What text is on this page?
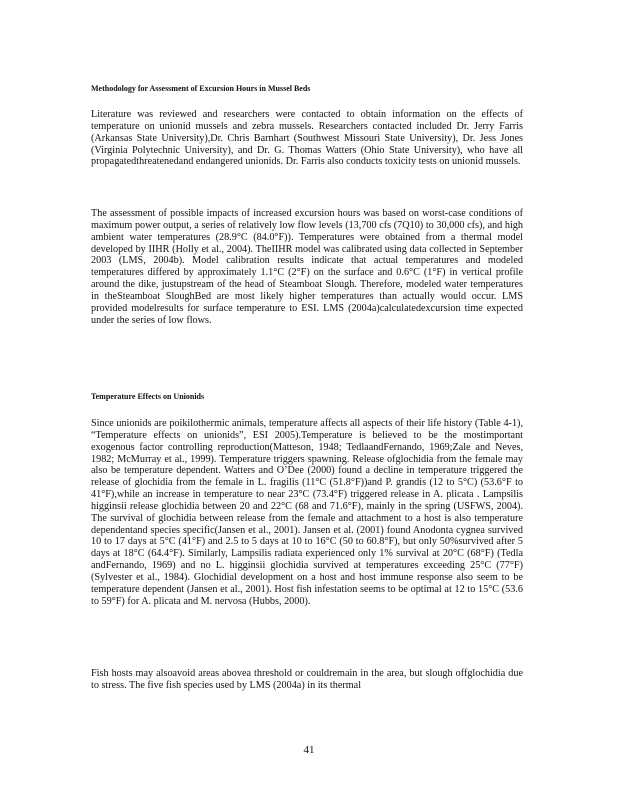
Methodology for Assessment of Excursion Hours in Mussel Beds

Literature was reviewed and researchers were contacted to obtain information on the effects of temperature on unionid mussels and zebra mussels. Researchers contacted included Dr. Jerry Farris (Arkansas State University),Dr. Chris Barnhart (Southwest Missouri State University), Dr. Jess Jones (Virginia Polytechnic University), and Dr. G. Thomas Watters (Ohio State University), who have all propagatedthreatenedand endangered unionids. Dr. Farris also conducts toxicity tests on unionid mussels.

The assessment of possible impacts of increased excursion hours was based on worst-case conditions of maximum power output, a series of relatively low flow levels (13,700 cfs (7Q10) to 30,000 cfs), and high ambient water temperatures (28.9°C (84.0°F)). Temperatures were obtained from a thermal model developed by IIHR (Holly et al., 2004). TheIIHR model was calibrated using data collected in September 2003 (LMS, 2004b). Model calibration results indicate that actual temperatures and modeled temperatures differed by approximately 1.1°C (2°F) on the surface and 0.6°C (1°F) in vertical profile around the dike, justupstream of the head of Steamboat Slough. Therefore, modeled water temperatures in theSteamboat SloughBed are most likely higher temperatures than actually would occur. LMS provided modelresults for surface temperature to ESI. LMS (2004a)calculatedexcursion time expected under the series of low flows.

Temperature Effects on Unionids

Since unionids are poikilothermic animals, temperature affects all aspects of their life history (Table 4-1), “Temperature effects on unionids”, ESI 2005).Temperature is believed to be the mostimportant exogenous factor controlling reproduction(Matteson, 1948; TedlaandFernando, 1969;Zale and Neves, 1982; McMurray et al., 1999). Temperature triggers spawning. Release ofglochidia from the female may also be temperature dependent. Watters and O’Dee (2000) found a decline in temperature triggered the release of glochidia from the female in L. fragilis (11°C (51.8°F))and P. grandis (12 to 5°C) (53.6°F to 41°F),while an increase in temperature to near 23°C (73.4°F) triggered release in A. plicata . Lampsilis higginsii release glochidia between 20 and 22°C (68 and 71.6°F), mainly in the spring (USFWS, 2004). The survival of glochidia between release from the female and attachment to a host is also temperature dependentand species specific(Jansen et al., 2001). Jansen et al. (2001) found Anodonta cygnea survived 10 to 17 days at 5°C (41°F) and 2.5 to 5 days at 10 to 16°C (50 to 60.8°F), but only 50%survived after 5 days at 18°C (64.4°F). Similarly, Lampsilis radiata experienced only 1% survival at 20°C (68°F) (Tedla andFernando, 1969) and no L. higginsii glochidia survived at temperatures exceeding 25°C (77°F) (Sylvester et al., 1984). Glochidial development on a host and host immune response also seem to be temperature dependent (Jansen et al., 2001). Host fish infestation seems to be optimal at 12 to 15°C (53.6 to 59°F) for A. plicata and M. nervosa (Hubbs, 2000).

Fish hosts may alsoavoid areas abovea threshold or couldremain in the area, but slough offglochidia due to stress. The five fish species used by LMS (2004a) in its thermal

41
